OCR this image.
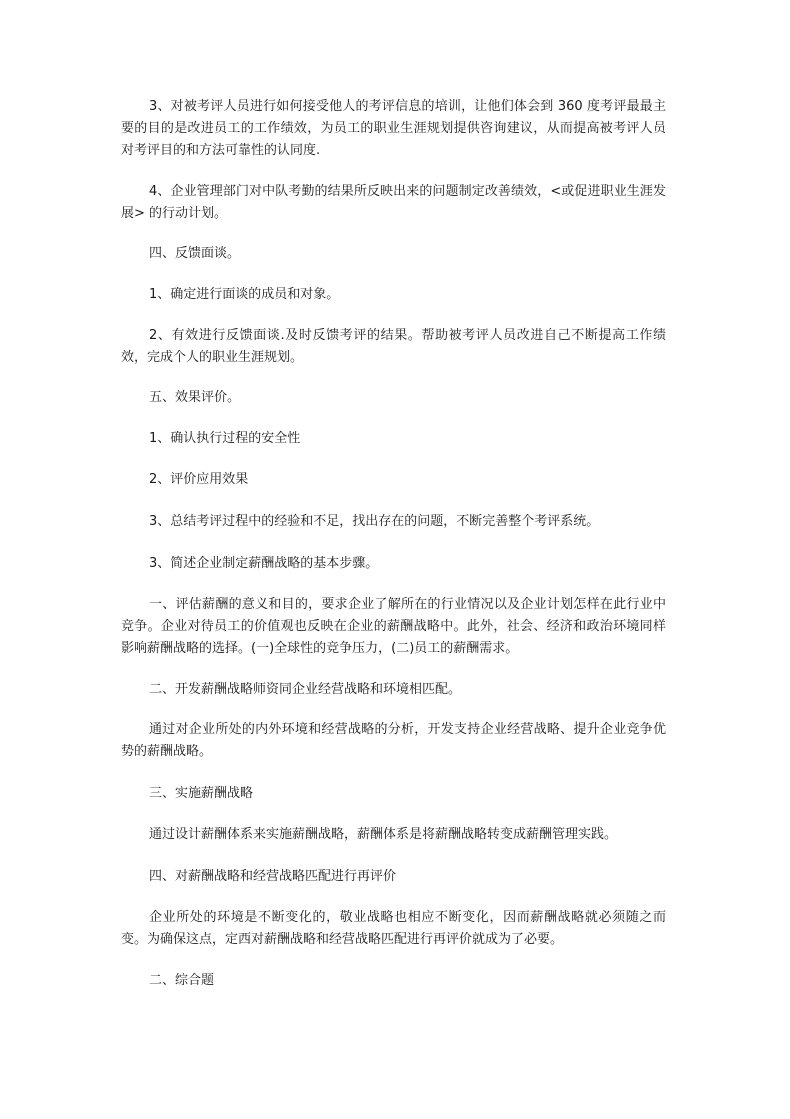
3、对被考评人员进行如何接受他人的考评信息的培训，让他们体会到 360 度考评最最主要的目的是改进员工的工作绩效，为员工的职业生涯规划提供咨询建议，从而提高被考评人员对考评目的和方法可靠性的认同度.

4、企业管理部门对中队考勤的结果所反映出来的问题制定改善绩效，<或促进职业生涯发展> 的行动计划。

四、反馈面谈。

1、确定进行面谈的成员和对象。

2、有效进行反馈面谈.及时反馈考评的结果。帮助被考评人员改进自己不断提高工作绩效，完成个人的职业生涯规划。

五、效果评价。

1、确认执行过程的安全性

2、评价应用效果

3、总结考评过程中的经验和不足，找出存在的问题，不断完善整个考评系统。

3、简述企业制定薪酬战略的基本步骤。

一、评估薪酬的意义和目的，要求企业了解所在的行业情况以及企业计划怎样在此行业中竞争。企业对待员工的价值观也反映在企业的薪酬战略中。此外，社会、经济和政治环境同样影响薪酬战略的选择。(一)全球性的竞争压力，(二)员工的薪酬需求。

二、开发薪酬战略师资同企业经营战略和环境相匹配。

通过对企业所处的内外环境和经营战略的分析，开发支持企业经营战略、提升企业竞争优势的薪酬战略。

三、实施薪酬战略

通过设计薪酬体系来实施薪酬战略，薪酬体系是将薪酬战略转变成薪酬管理实践。

四、对薪酬战略和经营战略匹配进行再评价

企业所处的环境是不断变化的，敬业战略也相应不断变化，因而薪酬战略就必须随之而变。为确保这点，定西对薪酬战略和经营战略匹配进行再评价就成为了必要。

二、综合题
